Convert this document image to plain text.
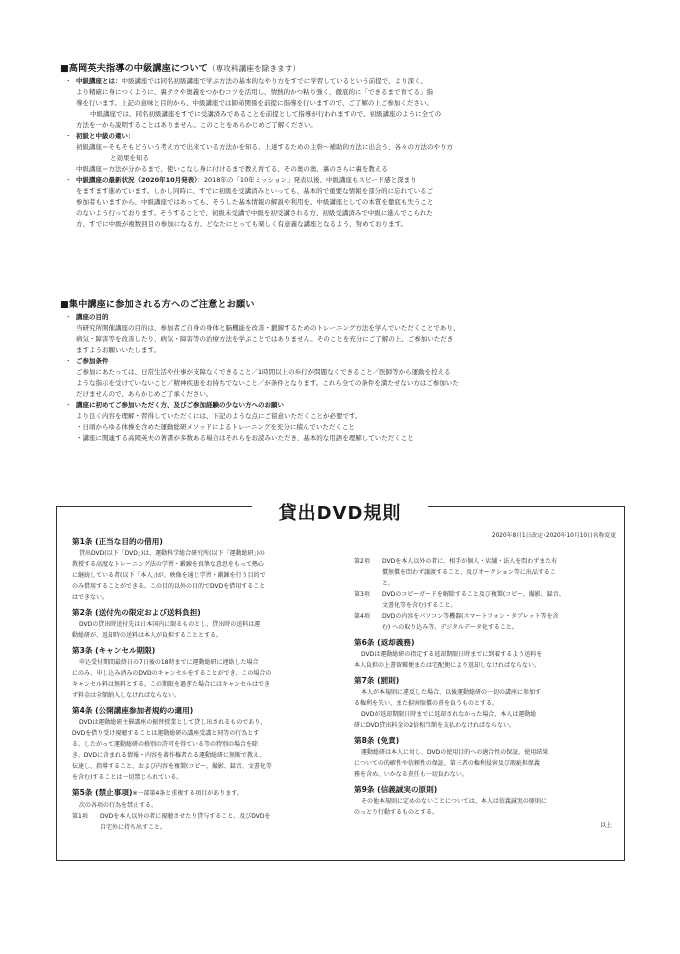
■高岡英夫指導の中級講座について（専攻科講座を除きます）
・ 中級講座とは：中級講座では同名初級講座で学ぶ方法の基本的なやり方をすでに学習しているという前提で、より深く、
より精確に身につくように、裏テクや奥義をつかむコツを活用し、情熱的かつ粘り強く、徹底的に「できるまで育てる」指
導を行います。上記の意味と目的から、中級講座では師弟関係を前提に指導を行いますので、ご了解の上ご参加ください。
中級講座では、同名初級講座をすでに受講済みであることを前提として指導が行われますので、初級講座のように全ての
方法を一から説明することはありません。このことをあらかじめご了解ください。
・ 初級と中級の違い：
初級講座＝そもそもどういう考え方で出来ている方法かを知る、上達するための主幹〜補助的方法に出会う、各々の方法のやり方
と効果を知る
中級講座＝方法が分かるまで、使いこなし身に付けるまで教え育てる、その奥の奥、裏のさらに裏を教える
・ 中級講座の最新状況（2020年10月発表）：2018年の「10年ミッション」発表以後、中級講座もスピード感と深まり
をますます進めています。しかし同時に、すでに初級を受講済みといっても、基本的で重要な情報を部分的に忘れているご
参加者もいますから、中級講座ではあっても、そうした基本情報の解説や利用を、中級講座としての本質を徹底も失うこと
のないよう行っております。そうすることで、初級未受講で中級を初受講される方、初級受講済みで中級に進んでこられた
方、すでに中級が複数回目の参加になる方、どなたにとっても楽しく有意義な講座となるよう、努めております。
■集中講座に参加される方へのご注意とお願い
・ 講座の目的
当研究所開催講座の目的は、参加者ご自身の身体と脳機能を改善・鍛錬するためのトレーニング方法を学んでいただくことであり、
病気・障害等を改善したり、病気・障害等の治療方法を学ぶことではありません。そのことを充分にご了解の上、ご参加いただき
ますようお願いいたします。
・ ご参加条件
ご参加にあたっては、日常生活や仕事が支障なくできること／1時間以上の歩行が問題なくできること／医師等から運動を控える
ような指示を受けていないこと／精神疾患をお持ちでないこと／が条件となります。これら全ての条件を満たせない方はご参加いた
だけませんので、あらかじめご了承ください。
・ 講座に初めてご参加いただく方、及びご参加経験の少ない方へのお願い
より良く内容を理解・習得していただくには、下記のような点にご留意いただくことが必要です。
・日頃からゆる体操を含めた運動総研メソッドによるトレーニングを充分に積んでいただくこと
・講座に関連する高岡英夫の著書が多数ある場合はそれらをお読みいただき、基本的な用語を理解していただくこと
貸出DVD規則
2020年8月1日改定･2020年10月10日名称変更
第1条 (正当な目的の借用)
貸出DVD(以下「DVD」)は、運動科学総合研究所(以下「運動総研」)の
教授する高度なトレーニング法の学習・鍛錬を真摯な意思をもって熱心
に継続している者(以下「本人」)が、映像を通じ学習・鍛錬を行う目的で
のみ借用することができる。この目的以外の目的でDVDを借用すること
はできない。
第2条 (送付先の限定および送料負担)
DVDの貸出時送付先は日本国内に限るものとし、貸出時の送料は運
動総研が、返却時の送料は本人が負担することとする。
第3条 (キャンセル期限)
申込受付期間最終日の7日後の18時までに運動総研に連絡した場合
にのみ、申し込み済みのDVDのキャンセルをすることができ、この場合の
キャンセル料は無料とする。この期限を過ぎた場合にはキャンセルはでき
ず料金は全額納入しなければならない。
第4条 (公開講座参加者規約の適用)
DVDは運動総研主催講座の振替授業として貸し出されるものであり、
DVDを借り受け視聴することは運動総研の講座受講と同等の行為とす
る。したがって運動総研の格別の許可を得ている等の特別の場合を除
き、DVDに含まれる情報・内容を著作権者たる運動総研に無断で教え、
伝達し、指導すること、および内容を複製(コピー、撮影、録音、文書化等
を含む)することは一切禁じられている。
第5条 (禁止事項)※一部第4条と重複する項目があります。
次の各項の行為を禁止する。
第1項	DVDを本人以外の者に視聴させたり貸与すること。及びDVDを
自宅外に持ち出すこと。
第2項	DVDを本人以外の者に、相手が個人・店舗・法人を問わずまた有
償無償を問わず譲渡すること、及びオークション等に出品するこ
と。
第3項	DVDのコピーガードを解除すること及び複製(コピー、撮影、録音、
文書化等を含む)すること。
第4項	DVDの内容をパソコン等機器(スマートフォン・タブレット等を含
む) への取り込み等、デジタルデータ化すること。
第6条 (返却義務)
DVDは運動総研の指定する返却期限日時までに到着するよう送料を
本人負担の上書留郵便または宅配便により返却しなければならない。
第7条 (罰則)
本人が本規則に違反した場合、以後運動総研の一切の講座に参加す
る権利を失い、また損害賠償の責を負うものとする。
DVDが返却期限日時までに返却されなかった場合、本人は運動総
研にDVD貸出料金の2倍相当額を支払わなければならない。
第8条 (免責)
運動総研は本人に対し、DVDの使用目的への適合性の保証、使用結果
についての的確性や信頼性の保証、第三者の権利侵害及び瑕疵担保義
務を含め、いかなる責任も一切負わない。
第9条 (信義誠実の原則)
その他本規則に定めのないことについては、本人は信義誠実の原則に
のっとり行動するものとする。
以上
